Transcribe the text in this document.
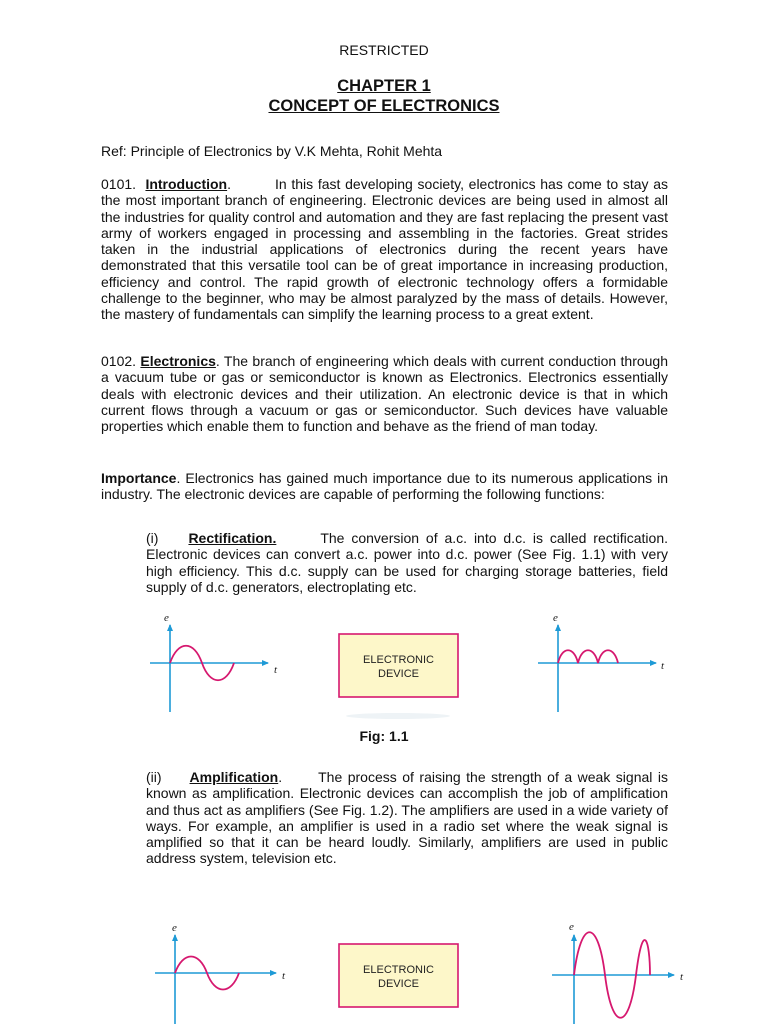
RESTRICTED
CHAPTER 1
CONCEPT OF ELECTRONICS
Ref: Principle of Electronics by V.K Mehta, Rohit Mehta
0101. Introduction.	In this fast developing society, electronics has come to stay as the most important branch of engineering. Electronic devices are being used in almost all the industries for quality control and automation and they are fast replacing the present vast army of workers engaged in processing and assembling in the factories. Great strides taken in the industrial applications of electronics during the recent years have demonstrated that this versatile tool can be of great importance in increasing production, efficiency and control. The rapid growth of electronic technology offers a formidable challenge to the beginner, who may be almost paralyzed by the mass of details. However, the mastery of fundamentals can simplify the learning process to a great extent.
0102. Electronics. The branch of engineering which deals with current conduction through a vacuum tube or gas or semiconductor is known as Electronics. Electronics essentially deals with electronic devices and their utilization. An electronic device is that in which current flows through a vacuum or gas or semiconductor. Such devices have valuable properties which enable them to function and behave as the friend of man today.
Importance. Electronics has gained much importance due to its numerous applications in industry. The electronic devices are capable of performing the following functions:
(i) Rectification.	The conversion of a.c. into d.c. is called rectification. Electronic devices can convert a.c. power into d.c. power (See Fig. 1.1) with very high efficiency. This d.c. supply can be used for charging storage batteries, field supply of d.c. generators, electroplating etc.
e
t
ELECTRONIC
DEVICE
e
t
e
t	ELECTRONIC
DEVICE
e
t
Fig: 1.1
(ii) Amplification.	The process of raising the strength of a weak signal is known as amplification. Electronic devices can accomplish the job of amplification and thus act as amplifiers (See Fig. 1.2). The amplifiers are used in a wide variety of ways. For example, an amplifier is used in a radio set where the weak signal is amplified so that it can be heard loudly. Similarly, amplifiers are used in public address system, television etc.
